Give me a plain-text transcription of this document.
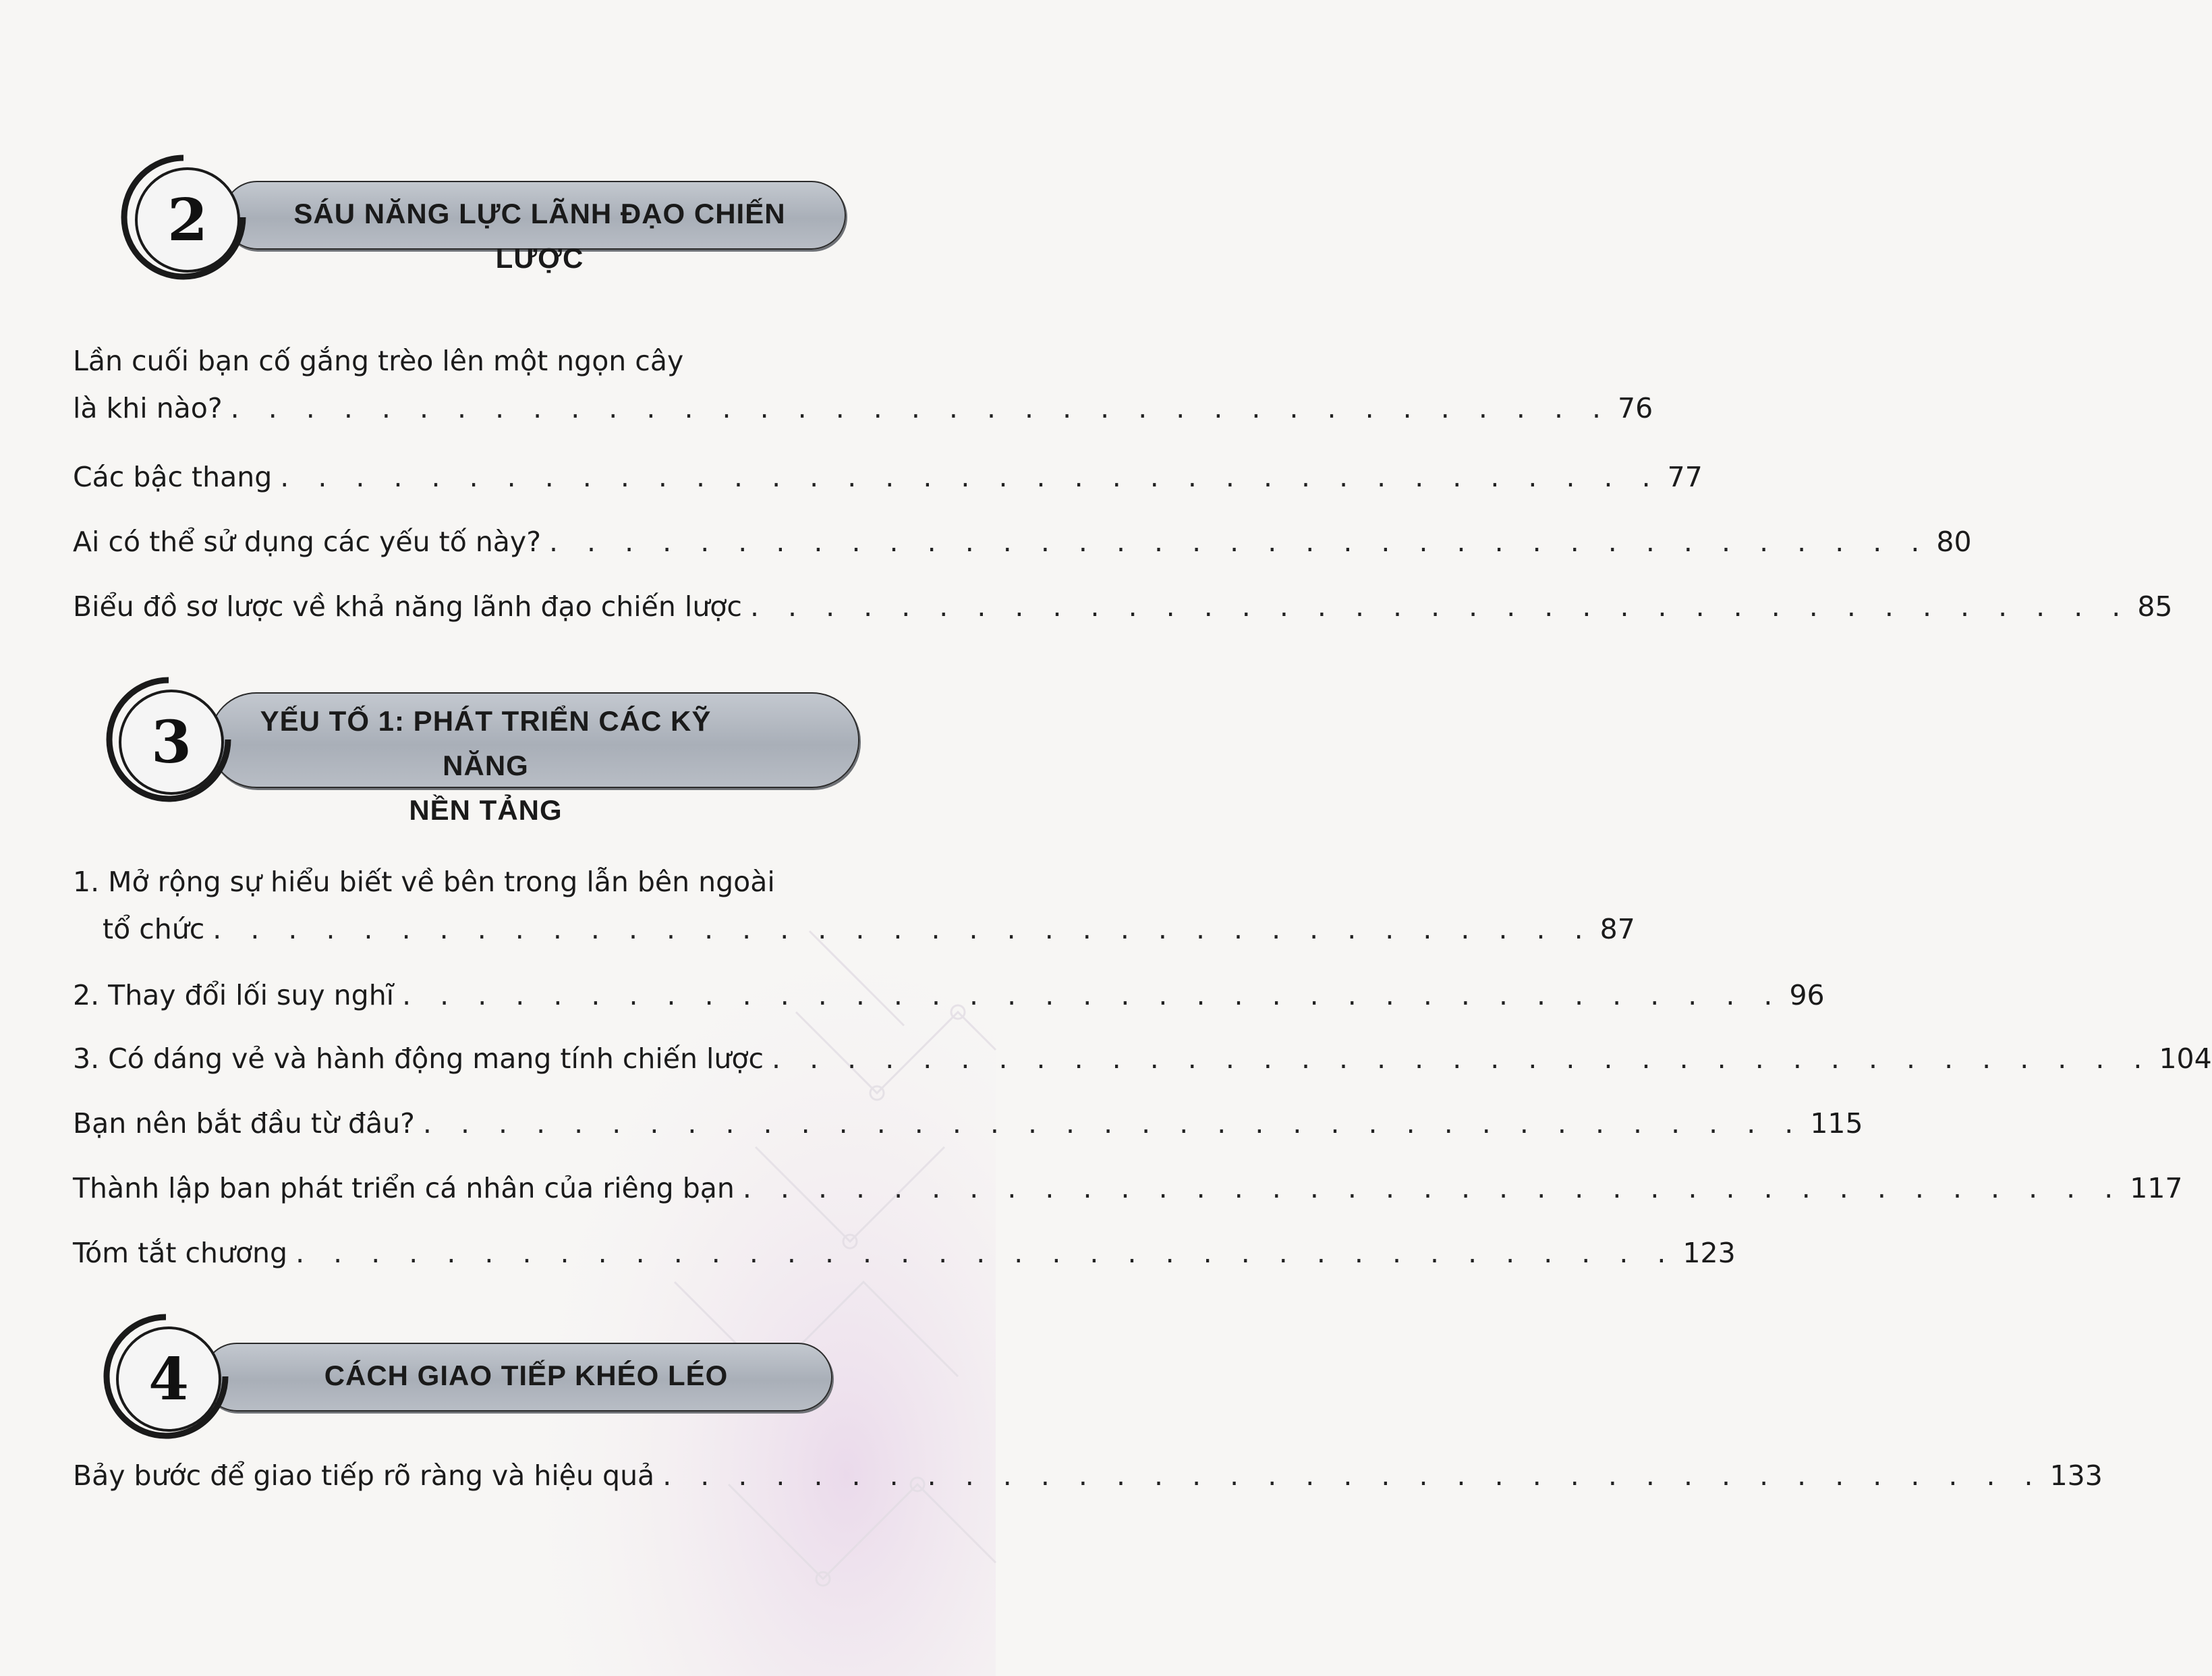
2	SÁU NĂNG LỰC LÃNH ĐẠO CHIẾN LƯỢC
Lần cuối bạn cố gắng trèo lên một ngọn cây
là khi nào? . . . . . . . . . . . . . . . . . . . . . . . . . . . . . . . . . . . . . 76
Các bậc thang . . . . . . . . . . . . . . . . . . . . . . . . . . . . . . . . . . . . . 77
Ai có thể sử dụng các yếu tố này? . . . . . . . . . . . . . . . . . . . . . . . . . . . . . . . . . . . . . 80
Biểu đồ sơ lược về khả năng lãnh đạo chiến lược . . . . . . . . . . . . . . . . . . . . . . . . . . . . . . . . . . . . . 85
3	YẾU TỐ 1: PHÁT TRIỂN CÁC KỸ NĂNG
NỀN TẢNG
1. Mở rộng sự hiểu biết về bên trong lẫn bên ngoài
tổ chức . . . . . . . . . . . . . . . . . . . . . . . . . . . . . . . . . . . . . 87
2. Thay đổi lối suy nghĩ . . . . . . . . . . . . . . . . . . . . . . . . . . . . . . . . . . . . . 96
3. Có dáng vẻ và hành động mang tính chiến lược . . . . . . . . . . . . . . . . . . . . . . . . . . . . . . . . . . . . . 104
Bạn nên bắt đầu từ đâu? . . . . . . . . . . . . . . . . . . . . . . . . . . . . . . . . . . . . . 115
Thành lập ban phát triển cá nhân của riêng bạn . . . . . . . . . . . . . . . . . . . . . . . . . . . . . . . . . . . . . 117
Tóm tắt chương . . . . . . . . . . . . . . . . . . . . . . . . . . . . . . . . . . . . . 123
4	CÁCH GIAO TIẾP KHÉO LÉO
Bảy bước để giao tiếp rõ ràng và hiệu quả . . . . . . . . . . . . . . . . . . . . . . . . . . . . . . . . . . . . . 133
